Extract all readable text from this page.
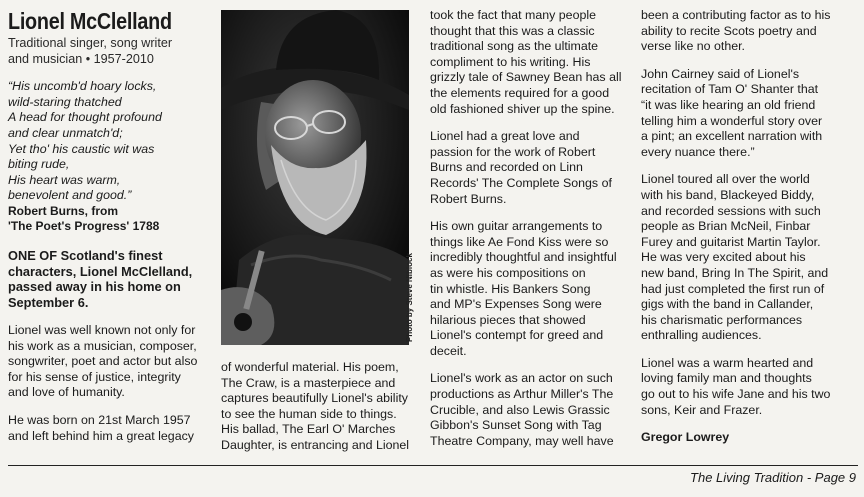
Lionel McClelland
Traditional singer, song writer
and musician • 1957-2010
“His uncomb'd hoary locks,
wild-staring thatched
A head for thought profound
and clear unmatch'd;
Yet tho' his caustic wit was
biting rude,
His heart was warm,
benevolent and good.”
Robert Burns, from
'The Poet's Progress' 1788
ONE OF Scotland's finest
characters, Lionel McClelland,
passed away in his home on
September 6.

Lionel was well known not only for
his work as a musician, composer,
songwriter, poet and actor but also
for his sense of justice, integrity
and love of humanity.

He was born on 21st March 1957
and left behind him a great legacy

Photo by Steve Niblock

of wonderful material. His poem,
The Craw, is a masterpiece and
captures beautifully Lionel's ability
to see the human side to things.
His ballad, The Earl O' Marches
Daughter, is entrancing and Lionel

took the fact that many people
thought that this was a classic
traditional song as the ultimate
compliment to his writing. His
grizzly tale of Sawney Bean has all
the elements required for a good
old fashioned shiver up the spine.

Lionel had a great love and
passion for the work of Robert
Burns and recorded on Linn
Records' The Complete Songs of
Robert Burns.

His own guitar arrangements to
things like Ae Fond Kiss were so
incredibly thoughtful and insightful
as were his compositions on
tin whistle. His Bankers Song
and MP's Expenses Song were
hilarious pieces that showed
Lionel's contempt for greed and
deceit.

Lionel's work as an actor on such
productions as Arthur Miller's The
Crucible, and also Lewis Grassic
Gibbon's Sunset Song with Tag
Theatre Company, may well have

been a contributing factor as to his
ability to recite Scots poetry and
verse like no other.

John Cairney said of Lionel's
recitation of Tam O' Shanter that
“it was like hearing an old friend
telling him a wonderful story over
a pint; an excellent narration with
every nuance there.”

Lionel toured all over the world
with his band, Blackeyed Biddy,
and recorded sessions with such
people as Brian McNeil, Finbar
Furey and guitarist Martin Taylor.
He was very excited about his
new band, Bring In The Spirit, and
had just completed the first run of
gigs with the band in Callander,
his charismatic performances
enthralling audiences.

Lionel was a warm hearted and
loving family man and thoughts
go out to his wife Jane and his two
sons, Keir and Frazer.

Gregor Lowrey
The Living Tradition - Page 9
